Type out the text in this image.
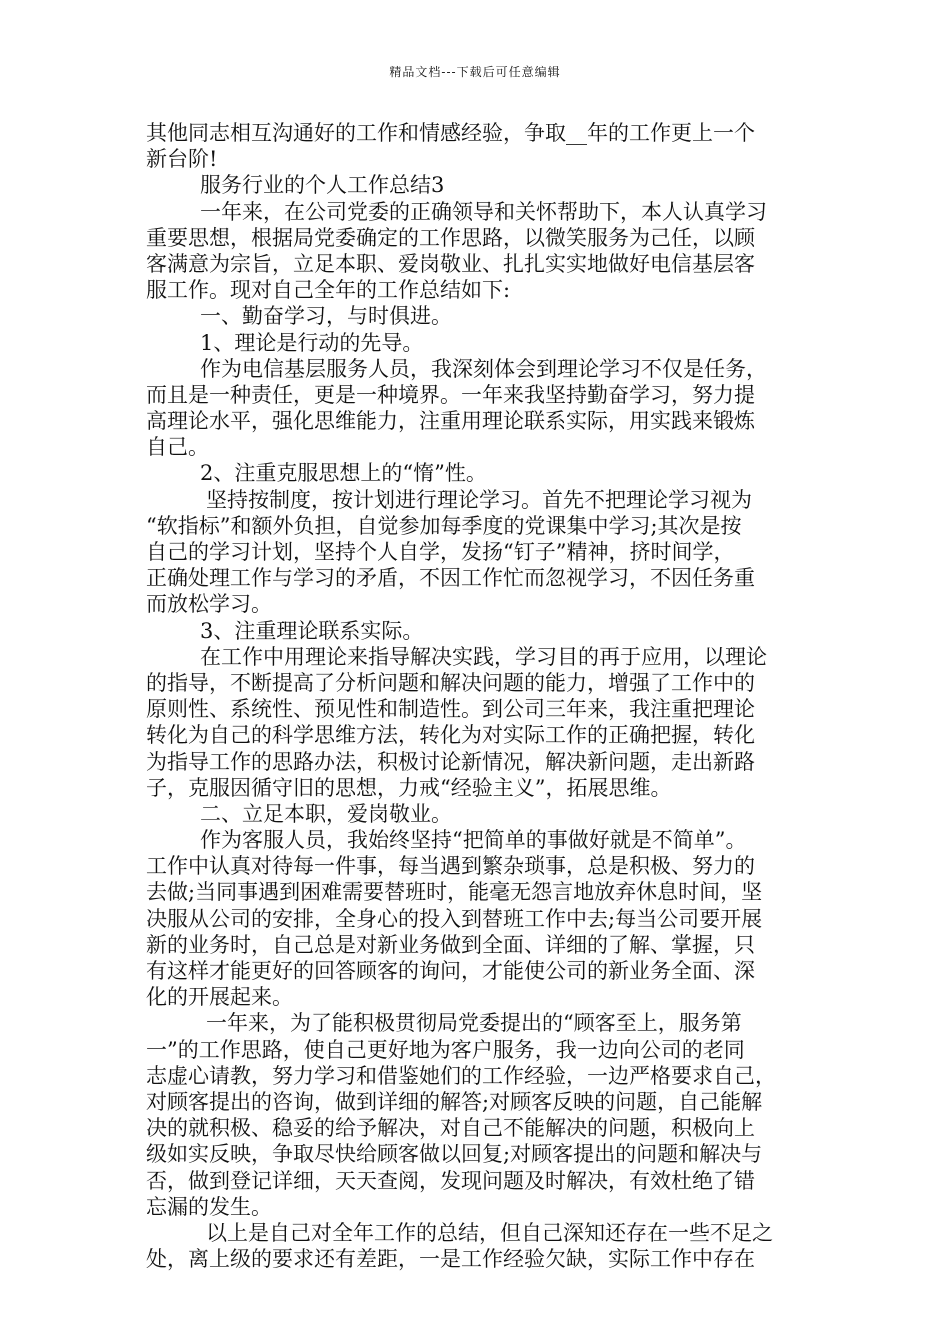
精品文档---下载后可任意编辑
其他同志相互沟通好的工作和情感经验，争取__年的工作更上一个
新台阶!
服务行业的个人工作总结3
一年来，在公司党委的正确领导和关怀帮助下，本人认真学习
重要思想，根据局党委确定的工作思路，以微笑服务为己任，以顾
客满意为宗旨，立足本职、爱岗敬业、扎扎实实地做好电信基层客
服工作。现对自己全年的工作总结如下:
一、勤奋学习，与时俱进。
1、理论是行动的先导。
作为电信基层服务人员，我深刻体会到理论学习不仅是任务，
而且是一种责任，更是一种境界。一年来我坚持勤奋学习，努力提
高理论水平，强化思维能力，注重用理论联系实际，用实践来锻炼
自己。
2、注重克服思想上的“惰”性。
坚持按制度，按计划进行理论学习。首先不把理论学习视为
“软指标”和额外负担，自觉参加每季度的党课集中学习;其次是按
自己的学习计划，坚持个人自学，发扬“钉子”精神，挤时间学，
正确处理工作与学习的矛盾，不因工作忙而忽视学习，不因任务重
而放松学习。
3、注重理论联系实际。
在工作中用理论来指导解决实践，学习目的再于应用，以理论
的指导，不断提高了分析问题和解决问题的能力，增强了工作中的
原则性、系统性、预见性和制造性。到公司三年来，我注重把理论
转化为自己的科学思维方法，转化为对实际工作的正确把握，转化
为指导工作的思路办法，积极讨论新情况，解决新问题，走出新路
子，克服因循守旧的思想，力戒“经验主义”，拓展思维。
二、立足本职，爱岗敬业。
作为客服人员，我始终坚持“把简单的事做好就是不简单”。
工作中认真对待每一件事，每当遇到繁杂琐事，总是积极、努力的
去做;当同事遇到困难需要替班时，能毫无怨言地放弃休息时间，坚
决服从公司的安排，全身心的投入到替班工作中去;每当公司要开展
新的业务时，自己总是对新业务做到全面、详细的了解、掌握，只
有这样才能更好的回答顾客的询问，才能使公司的新业务全面、深
化的开展起来。
一年来，为了能积极贯彻局党委提出的“顾客至上，服务第
一”的工作思路，使自己更好地为客户服务，我一边向公司的老同
志虚心请教，努力学习和借鉴她们的工作经验，一边严格要求自己，
对顾客提出的咨询，做到详细的解答;对顾客反映的问题，自己能解
决的就积极、稳妥的给予解决，对自己不能解决的问题，积极向上
级如实反映，争取尽快给顾客做以回复;对顾客提出的问题和解决与
否，做到登记详细，天天查阅，发现问题及时解决，有效杜绝了错
忘漏的发生。
以上是自己对全年工作的总结，但自己深知还存在一些不足之
处，离上级的要求还有差距，一是工作经验欠缺，实际工作中存在
